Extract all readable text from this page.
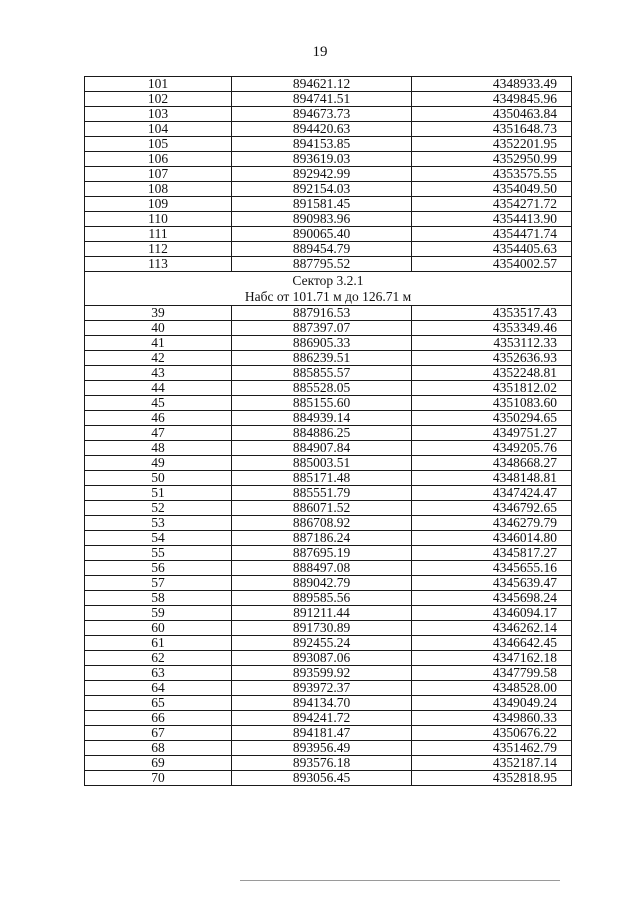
19
101	894621.12	4348933.49
102	894741.51	4349845.96
103	894673.73	4350463.84
104	894420.63	4351648.73
105	894153.85	4352201.95
106	893619.03	4352950.99
107	892942.99	4353575.55
108	892154.03	4354049.50
109	891581.45	4354271.72
110	890983.96	4354413.90
111	890065.40	4354471.74
112	889454.79	4354405.63
113	887795.52	4354002.57

Сектор 3.2.1
Набс от 101.71 м до 126.71 м		

39	887916.53	4353517.43
40	887397.07	4353349.46
41	886905.33	4353112.33
42	886239.51	4352636.93
43	885855.57	4352248.81
44	885528.05	4351812.02
45	885155.60	4351083.60
46	884939.14	4350294.65
47	884886.25	4349751.27
48	884907.84	4349205.76
49	885003.51	4348668.27
50	885171.48	4348148.81
51	885551.79	4347424.47
52	886071.52	4346792.65
53	886708.92	4346279.79
54	887186.24	4346014.80
55	887695.19	4345817.27
56	888497.08	4345655.16
57	889042.79	4345639.47
58	889585.56	4345698.24
59	891211.44	4346094.17
60	891730.89	4346262.14
61	892455.24	4346642.45
62	893087.06	4347162.18
63	893599.92	4347799.58
64	893972.37	4348528.00
65	894134.70	4349049.24
66	894241.72	4349860.33
67	894181.47	4350676.22
68	893956.49	4351462.79
69	893576.18	4352187.14
70	893056.45	4352818.95
